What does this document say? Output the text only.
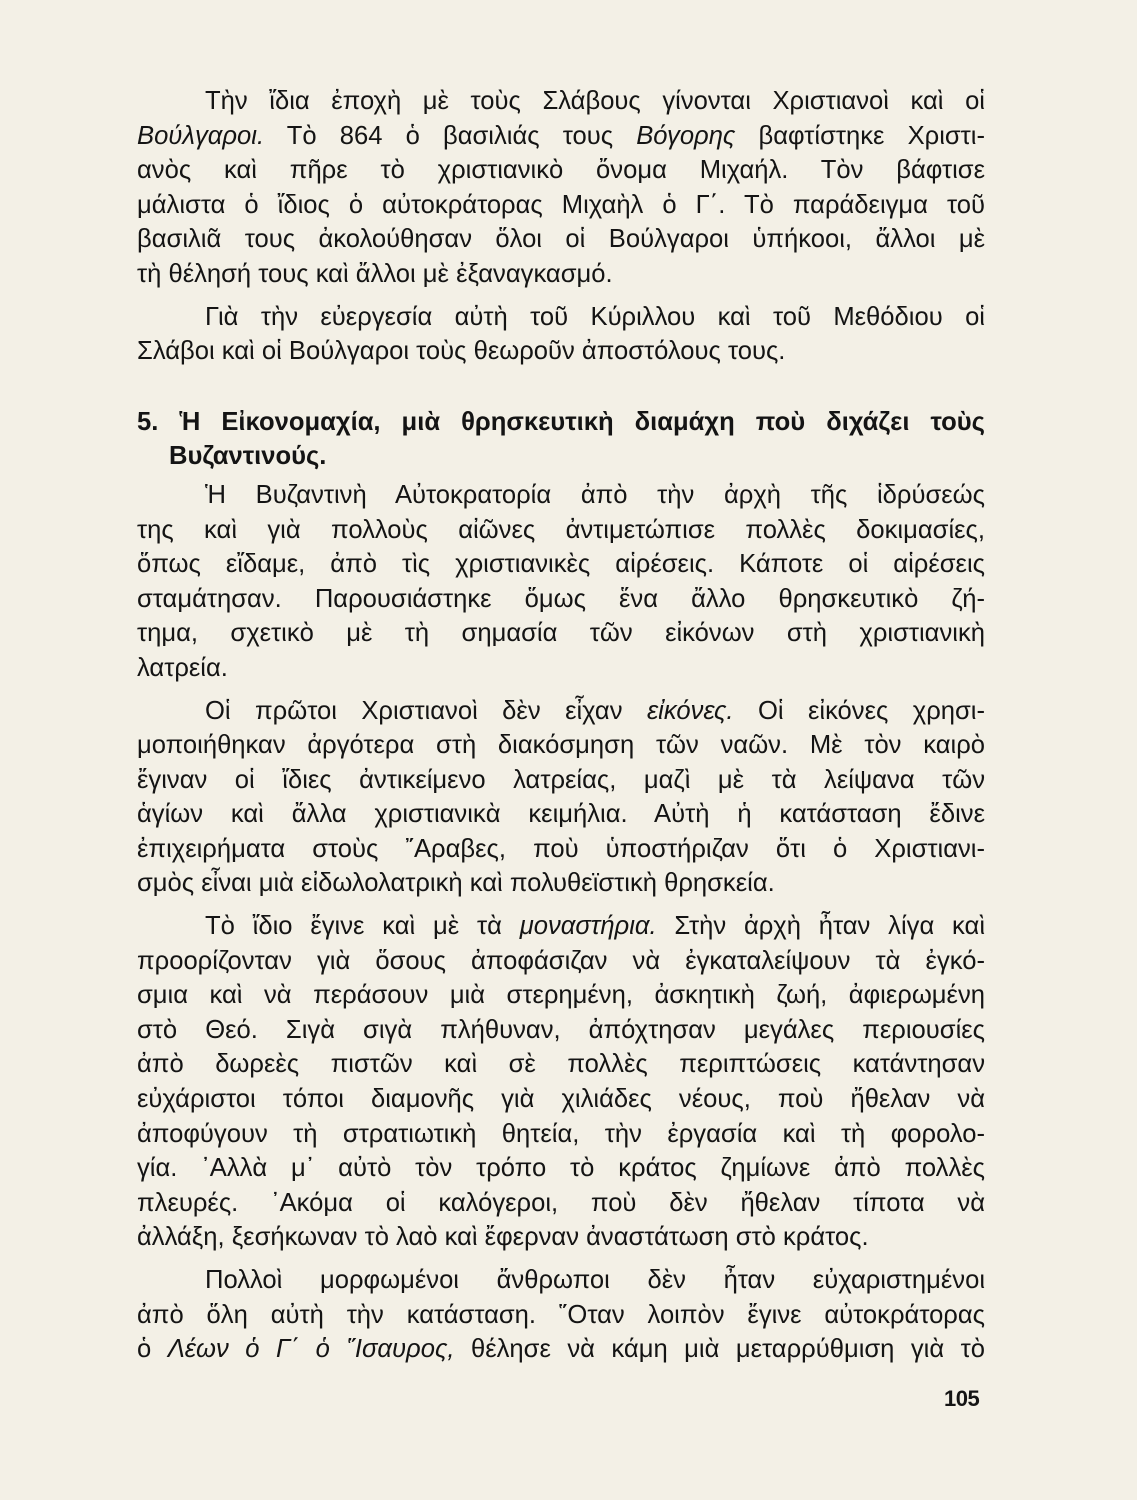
Τὴν ἴδια ἐποχὴ μὲ τοὺς Σλάβους γίνονται Χριστιανοὶ καὶ οἱ
Βούλγαροι. Τὸ 864 ὁ βασιλιάς τους Βόγορης βαφτίστηκε Χριστι-
ανὸς καὶ πῆρε τὸ χριστιανικὸ ὄνομα Μιχαήλ. Τὸν βάφτισε
μάλιστα ὁ ἴδιος ὁ αὐτοκράτορας Μιχαὴλ ὁ Γ΄. Τὸ παράδειγμα τοῦ
βασιλιᾶ τους ἀκολούθησαν ὅλοι οἱ Βούλγαροι ὑπήκοοι, ἄλλοι μὲ
τὴ θέλησή τους καὶ ἄλλοι μὲ ἐξαναγκασμό.

Γιὰ τὴν εὐεργεσία αὐτὴ τοῦ Κύριλλου καὶ τοῦ Μεθόδιου οἱ
Σλάβοι καὶ οἱ Βούλγαροι τοὺς θεωροῦν ἀποστόλους τους.

5. Ἡ Εἰκονομαχία, μιὰ θρησκευτικὴ διαμάχη ποὺ διχάζει τοὺς
Βυζαντινούς.

Ἡ Βυζαντινὴ Αὐτοκρατορία ἀπὸ τὴν ἀρχὴ τῆς ἱδρύσεώς
της καὶ γιὰ πολλοὺς αἰῶνες ἀντιμετώπισε πολλὲς δοκιμασίες,
ὅπως εἴδαμε, ἀπὸ τὶς χριστιανικὲς αἱρέσεις. Κάποτε οἱ αἱρέσεις
σταμάτησαν. Παρουσιάστηκε ὅμως ἕνα ἄλλο θρησκευτικὸ ζή-
τημα, σχετικὸ μὲ τὴ σημασία τῶν εἰκόνων στὴ χριστιανικὴ
λατρεία.

Οἱ πρῶτοι Χριστιανοὶ δὲν εἶχαν εἰκόνες. Οἱ εἰκόνες χρησι-
μοποιήθηκαν ἀργότερα στὴ διακόσμηση τῶν ναῶν. Μὲ τὸν καιρὸ
ἔγιναν οἱ ἴδιες ἀντικείμενο λατρείας, μαζὶ μὲ τὰ λείψανα τῶν
ἁγίων καὶ ἄλλα χριστιανικὰ κειμήλια. Αὐτὴ ἡ κατάσταση ἔδινε
ἐπιχειρήματα στοὺς ῎Αραβες, ποὺ ὑποστήριζαν ὅτι ὁ Χριστιανι-
σμὸς εἶναι μιὰ εἰδωλολατρικὴ καὶ πολυθεϊστικὴ θρησκεία.

Τὸ ἴδιο ἔγινε καὶ μὲ τὰ μοναστήρια. Στὴν ἀρχὴ ἦταν λίγα καὶ
προορίζονταν γιὰ ὅσους ἀποφάσιζαν νὰ ἐγκαταλείψουν τὰ ἐγκό-
σμια καὶ νὰ περάσουν μιὰ στερημένη, ἀσκητικὴ ζωή, ἀφιερωμένη
στὸ Θεό. Σιγὰ σιγὰ πλήθυναν, ἀπόχτησαν μεγάλες περιουσίες
ἀπὸ δωρεὲς πιστῶν καὶ σὲ πολλὲς περιπτώσεις κατάντησαν
εὐχάριστοι τόποι διαμονῆς γιὰ χιλιάδες νέους, ποὺ ἤθελαν νὰ
ἀποφύγουν τὴ στρατιωτικὴ θητεία, τὴν ἐργασία καὶ τὴ φορολο-
γία. ᾿Αλλὰ μ᾿ αὐτὸ τὸν τρόπο τὸ κράτος ζημίωνε ἀπὸ πολλὲς
πλευρές. ᾿Ακόμα οἱ καλόγεροι, ποὺ δὲν ἤθελαν τίποτα νὰ
ἀλλάξη, ξεσήκωναν τὸ λαὸ καὶ ἔφερναν ἀναστάτωση στὸ κράτος.

Πολλοὶ μορφωμένοι ἄνθρωποι δὲν ἦταν εὐχαριστημένοι
ἀπὸ ὅλη αὐτὴ τὴν κατάσταση. ῞Οταν λοιπὸν ἔγινε αὐτοκράτορας
ὁ Λέων ὁ Γ΄ ὁ ῞Ισαυρος, θέλησε νὰ κάμη μιὰ μεταρρύθμιση γιὰ τὸ

105
